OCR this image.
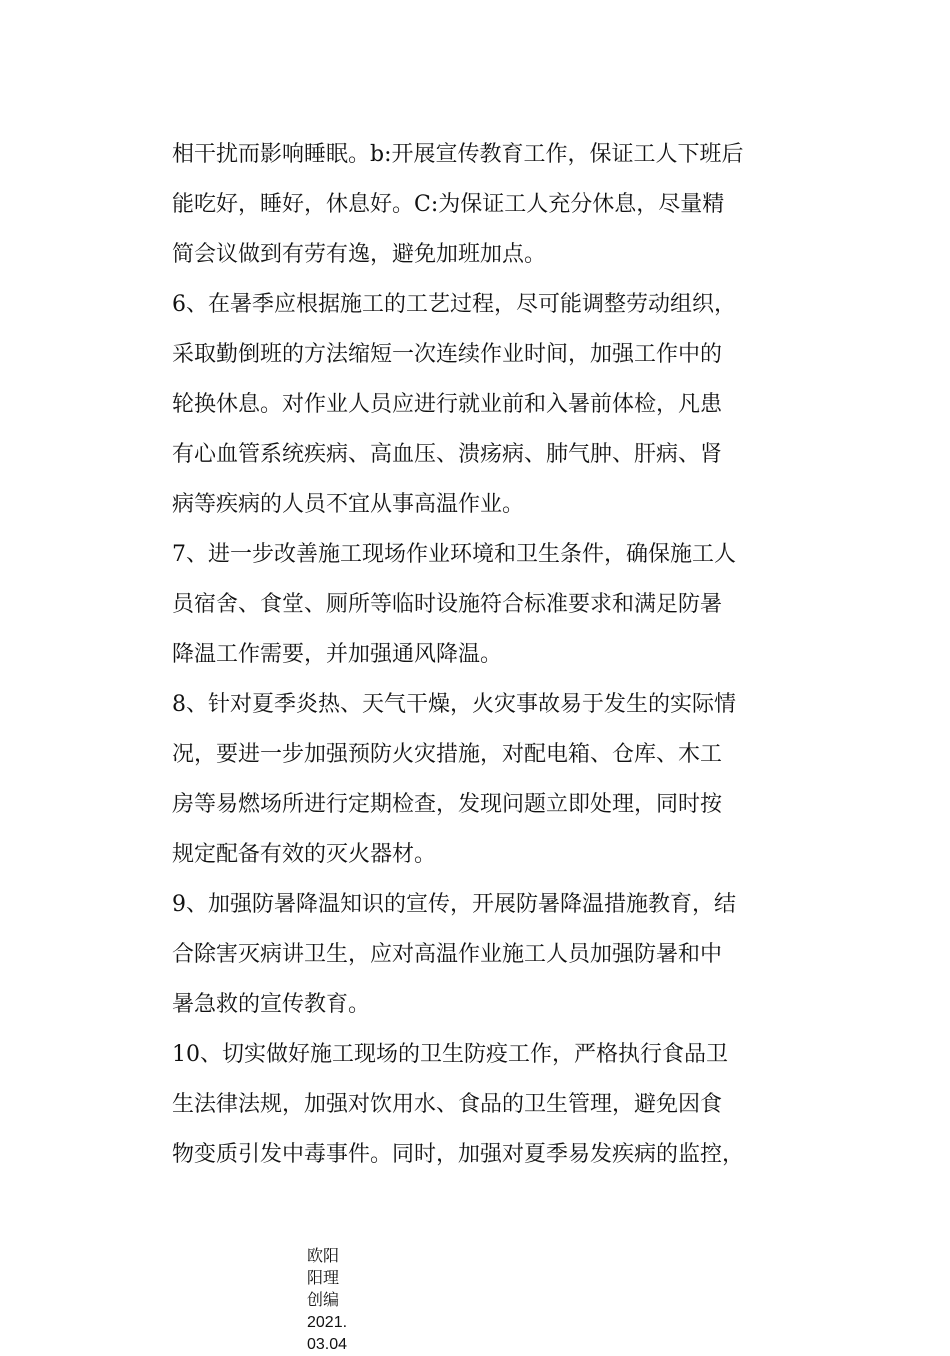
相干扰而影响睡眠。b:开展宣传教育工作，保证工人下班后
能吃好，睡好，休息好。C:为保证工人充分休息，尽量精
简会议做到有劳有逸，避免加班加点。

6、在暑季应根据施工的工艺过程，尽可能调整劳动组织，
采取勤倒班的方法缩短一次连续作业时间，加强工作中的
轮换休息。对作业人员应进行就业前和入暑前体检，凡患
有心血管系统疾病、高血压、溃疡病、肺气肿、肝病、肾
病等疾病的人员不宜从事高温作业。

7、进一步改善施工现场作业环境和卫生条件，确保施工人
员宿舍、食堂、厕所等临时设施符合标准要求和满足防暑
降温工作需要，并加强通风降温。

8、针对夏季炎热、天气干燥，火灾事故易于发生的实际情
况，要进一步加强预防火灾措施，对配电箱、仓库、木工
房等易燃场所进行定期检查，发现问题立即处理，同时按
规定配备有效的灭火器材。

9、加强防暑降温知识的宣传，开展防暑降温措施教育，结
合除害灭病讲卫生，应对高温作业施工人员加强防暑和中
暑急救的宣传教育。

10、切实做好施工现场的卫生防疫工作，严格执行食品卫
生法律法规，加强对饮用水、食品的卫生管理，避免因食
物变质引发中毒事件。同时，加强对夏季易发疾病的监控，

欧阳
阳理
创编
2021.
03.04
